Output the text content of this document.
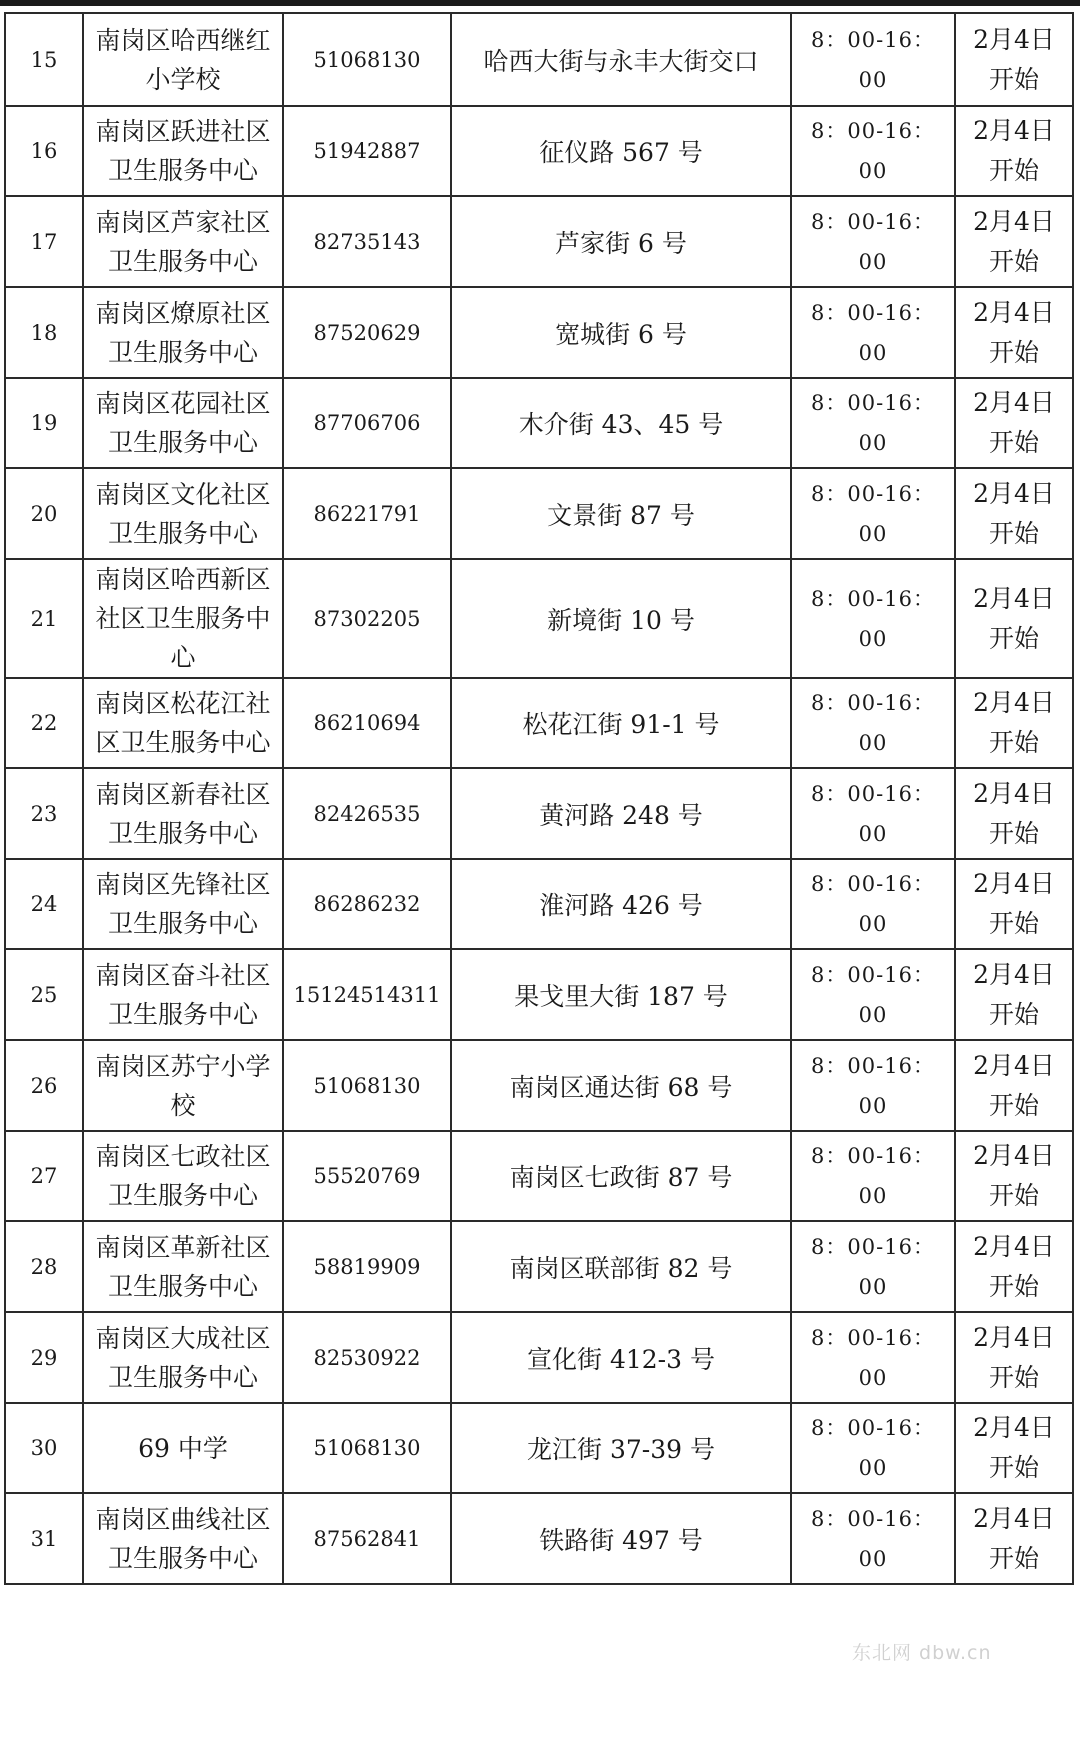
15	南岗区哈西继红小学校	51068130	哈西大街与永丰大街交口	8：00-16：00	2月4日开始
16	南岗区跃进社区卫生服务中心	51942887	征仪路 567 号	8：00-16：00	2月4日开始
17	南岗区芦家社区卫生服务中心	82735143	芦家街 6 号	8：00-16：00	2月4日开始
18	南岗区燎原社区卫生服务中心	87520629	宽城街 6 号	8：00-16：00	2月4日开始
19	南岗区花园社区卫生服务中心	87706706	木介街 43、45 号	8：00-16：00	2月4日开始
20	南岗区文化社区卫生服务中心	86221791	文景街 87 号	8：00-16：00	2月4日开始
21	南岗区哈西新区社区卫生服务中心	87302205	新境街 10 号	8：00-16：00	2月4日开始
22	南岗区松花江社区卫生服务中心	86210694	松花江街 91-1 号	8：00-16：00	2月4日开始
23	南岗区新春社区卫生服务中心	82426535	黄河路 248 号	8：00-16：00	2月4日开始
24	南岗区先锋社区卫生服务中心	86286232	淮河路 426 号	8：00-16：00	2月4日开始
25	南岗区奋斗社区卫生服务中心	15124514311	果戈里大街 187 号	8：00-16：00	2月4日开始
26	南岗区苏宁小学校	51068130	南岗区通达街 68 号	8：00-16：00	2月4日开始
27	南岗区七政社区卫生服务中心	55520769	南岗区七政街 87 号	8：00-16：00	2月4日开始
28	南岗区革新社区卫生服务中心	58819909	南岗区联部街 82 号	8：00-16：00	2月4日开始
29	南岗区大成社区卫生服务中心	82530922	宣化街 412-3 号	8：00-16：00	2月4日开始
30	69 中学	51068130	龙江街 37-39 号	8：00-16：00	2月4日开始
31	南岗区曲线社区卫生服务中心	87562841	铁路街 497 号	8：00-16：00	2月4日开始
东北网 dbw.cn
